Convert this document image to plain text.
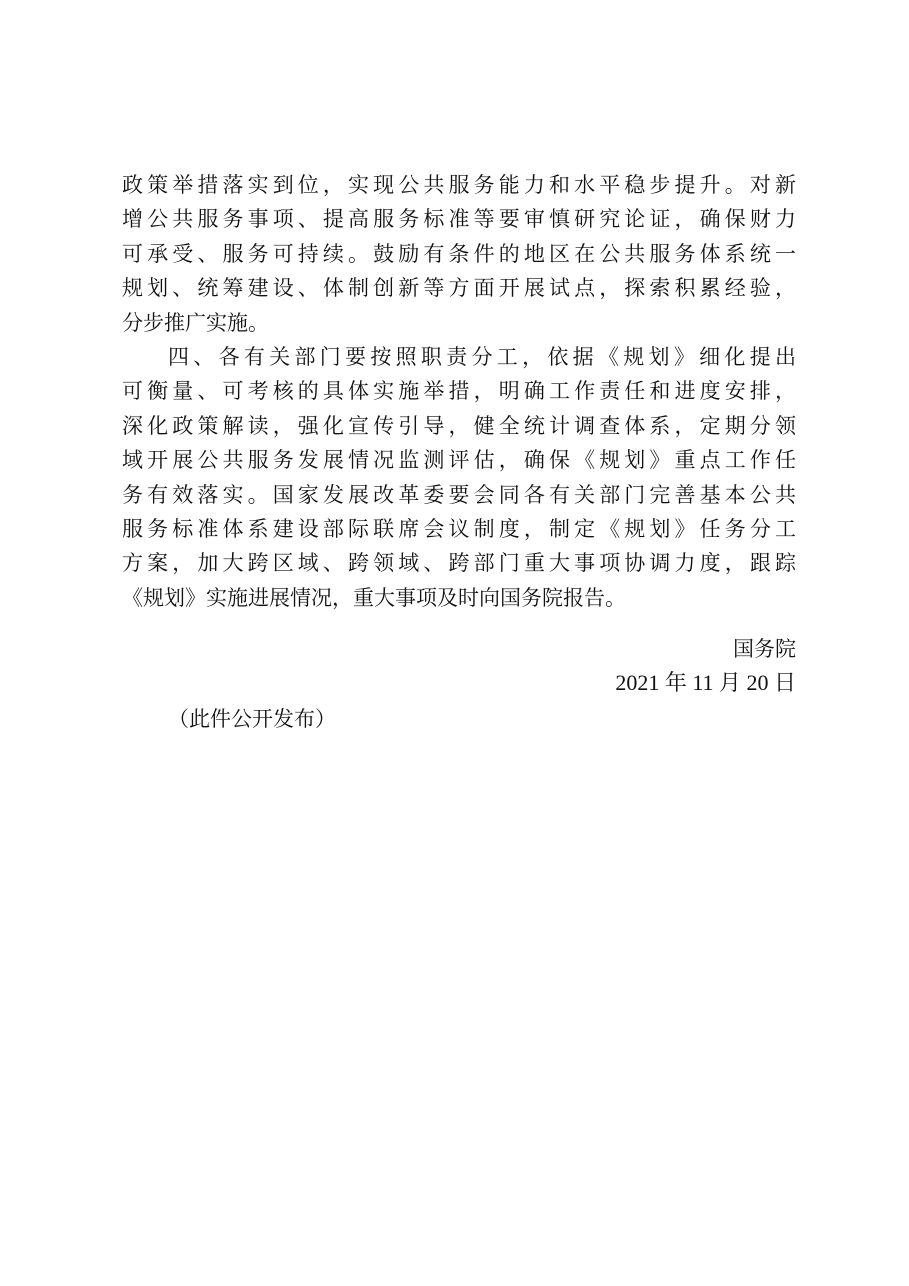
政策举措落实到位，实现公共服务能力和水平稳步提升。对新
增公共服务事项、提高服务标准等要审慎研究论证，确保财力
可承受、服务可持续。鼓励有条件的地区在公共服务体系统一
规划、统筹建设、体制创新等方面开展试点，探索积累经验，
分步推广实施。
四、各有关部门要按照职责分工，依据《规划》细化提出
可衡量、可考核的具体实施举措，明确工作责任和进度安排，
深化政策解读，强化宣传引导，健全统计调查体系，定期分领
域开展公共服务发展情况监测评估，确保《规划》重点工作任
务有效落实。国家发展改革委要会同各有关部门完善基本公共
服务标准体系建设部际联席会议制度，制定《规划》任务分工
方案，加大跨区域、跨领域、跨部门重大事项协调力度，跟踪
《规划》实施进展情况，重大事项及时向国务院报告。
国务院
2021 年 11 月 20 日
（此件公开发布）
